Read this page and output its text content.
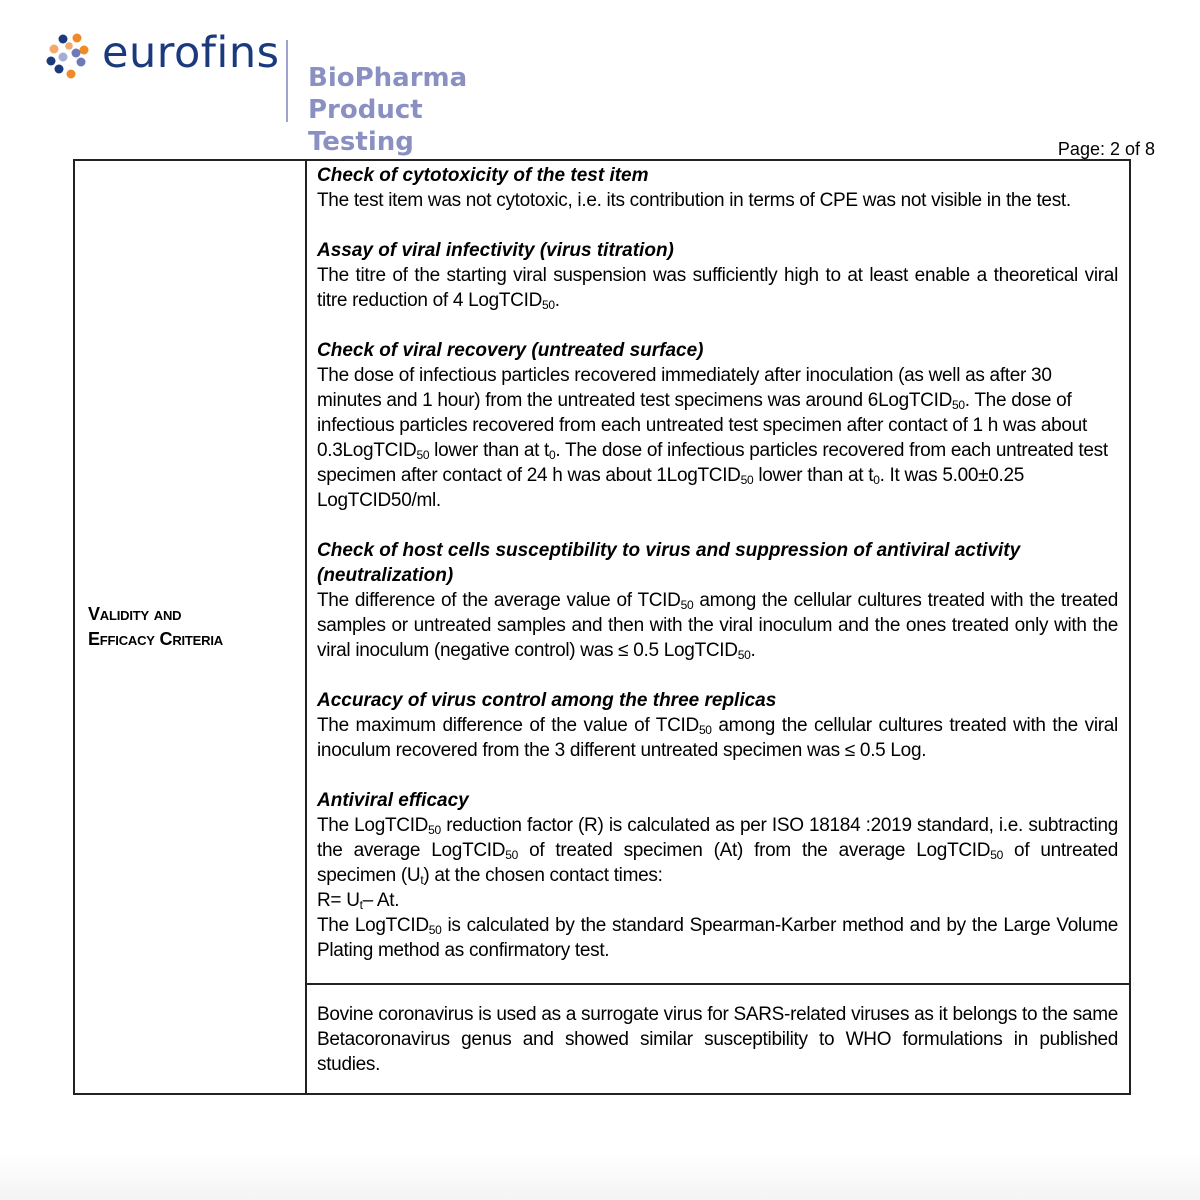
eurofins BioPharma
Product Testing	Page: 2 of 8
Validity and
Efficacy Criteria

Check of cytotoxicity of the test item
The test item was not cytotoxic, i.e. its contribution in terms of CPE was not visible in the test.
Assay of viral infectivity (virus titration)
The titre of the starting viral suspension was sufficiently high to at least enable a theoretical viral titre reduction of 4 LogTCID$_{50}$.
Check of viral recovery (untreated surface)
The dose of infectious particles recovered immediately after inoculation (as well as after 30 minutes and 1 hour) from the untreated test specimens was around 6LogTCID$_{50}$. The dose of infectious particles recovered from each untreated test specimen after contact of 1 h was about 0.3LogTCID$_{50}$ lower than at $t_0$. The dose of infectious particles recovered from each untreated test specimen after contact of 24 h was about 1LogTCID$_{50}$ lower than at $t_0$. It was 5.00±0.25 LogTCID50/ml.
Check of host cells susceptibility to virus and suppression of antiviral activity (neutralization)
The difference of the average value of $TCID_{50}$ among the cellular cultures treated with the treated samples or untreated samples and then with the viral inoculum and the ones treated only with the viral inoculum (negative control) was ≤ 0.5 LogTCID$_{50}$.
Accuracy of virus control among the three replicas
The maximum difference of the value of $TCID_{50}$ among the cellular cultures treated with the viral inoculum recovered from the 3 different untreated specimen was ≤ 0.5 Log.
Antiviral efficacy
The LogTCID$_{50}$ reduction factor (R) is calculated as per ISO 18184 :2019 standard, i.e. subtracting the average LogTCID$_{50}$ of treated specimen (At) from the average LogTCID$_{50}$ of untreated specimen $(U_t)$ at the chosen contact times:
$R= U_t-$ At.
The LogTCID$_{50}$ is calculated by the standard Spearman-Karber method and by the Large Volume Plating method as confirmatory test.

Bovine coronavirus is used as a surrogate virus for SARS-related viruses as it belongs to the same Betacoronavirus genus and showed similar susceptibility to WHO formulations in published studies.
